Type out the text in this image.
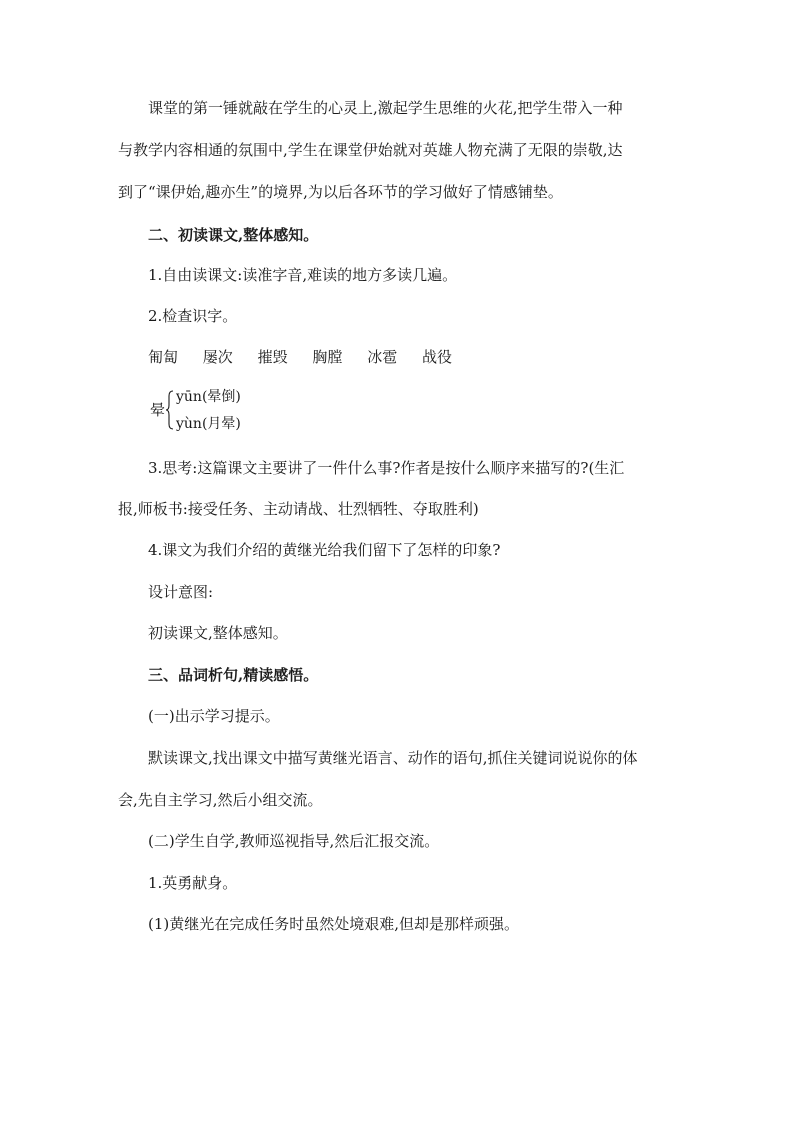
课堂的第一锤就敲在学生的心灵上,激起学生思维的火花,把学生带入一种
与教学内容相通的氛围中,学生在课堂伊始就对英雄人物充满了无限的崇敬,达
到了“课伊始,趣亦生”的境界,为以后各环节的学习做好了情感铺垫。
二、初读课文,整体感知。
1.自由读课文:读准字音,难读的地方多读几遍。
2.检查识字。
匍匐 屡次 摧毁 胸膛 冰雹 战役
晕
yūn(晕倒)
yùn(月晕)
3.思考:这篇课文主要讲了一件什么事?作者是按什么顺序来描写的?(生汇
报,师板书:接受任务、主动请战、壮烈牺牲、夺取胜利)
4.课文为我们介绍的黄继光给我们留下了怎样的印象?
设计意图:
初读课文,整体感知。
三、品词析句,精读感悟。
(一)出示学习提示。
默读课文,找出课文中描写黄继光语言、动作的语句,抓住关键词说说你的体
会,先自主学习,然后小组交流。
(二)学生自学,教师巡视指导,然后汇报交流。
1.英勇献身。
(1)黄继光在完成任务时虽然处境艰难,但却是那样顽强。
